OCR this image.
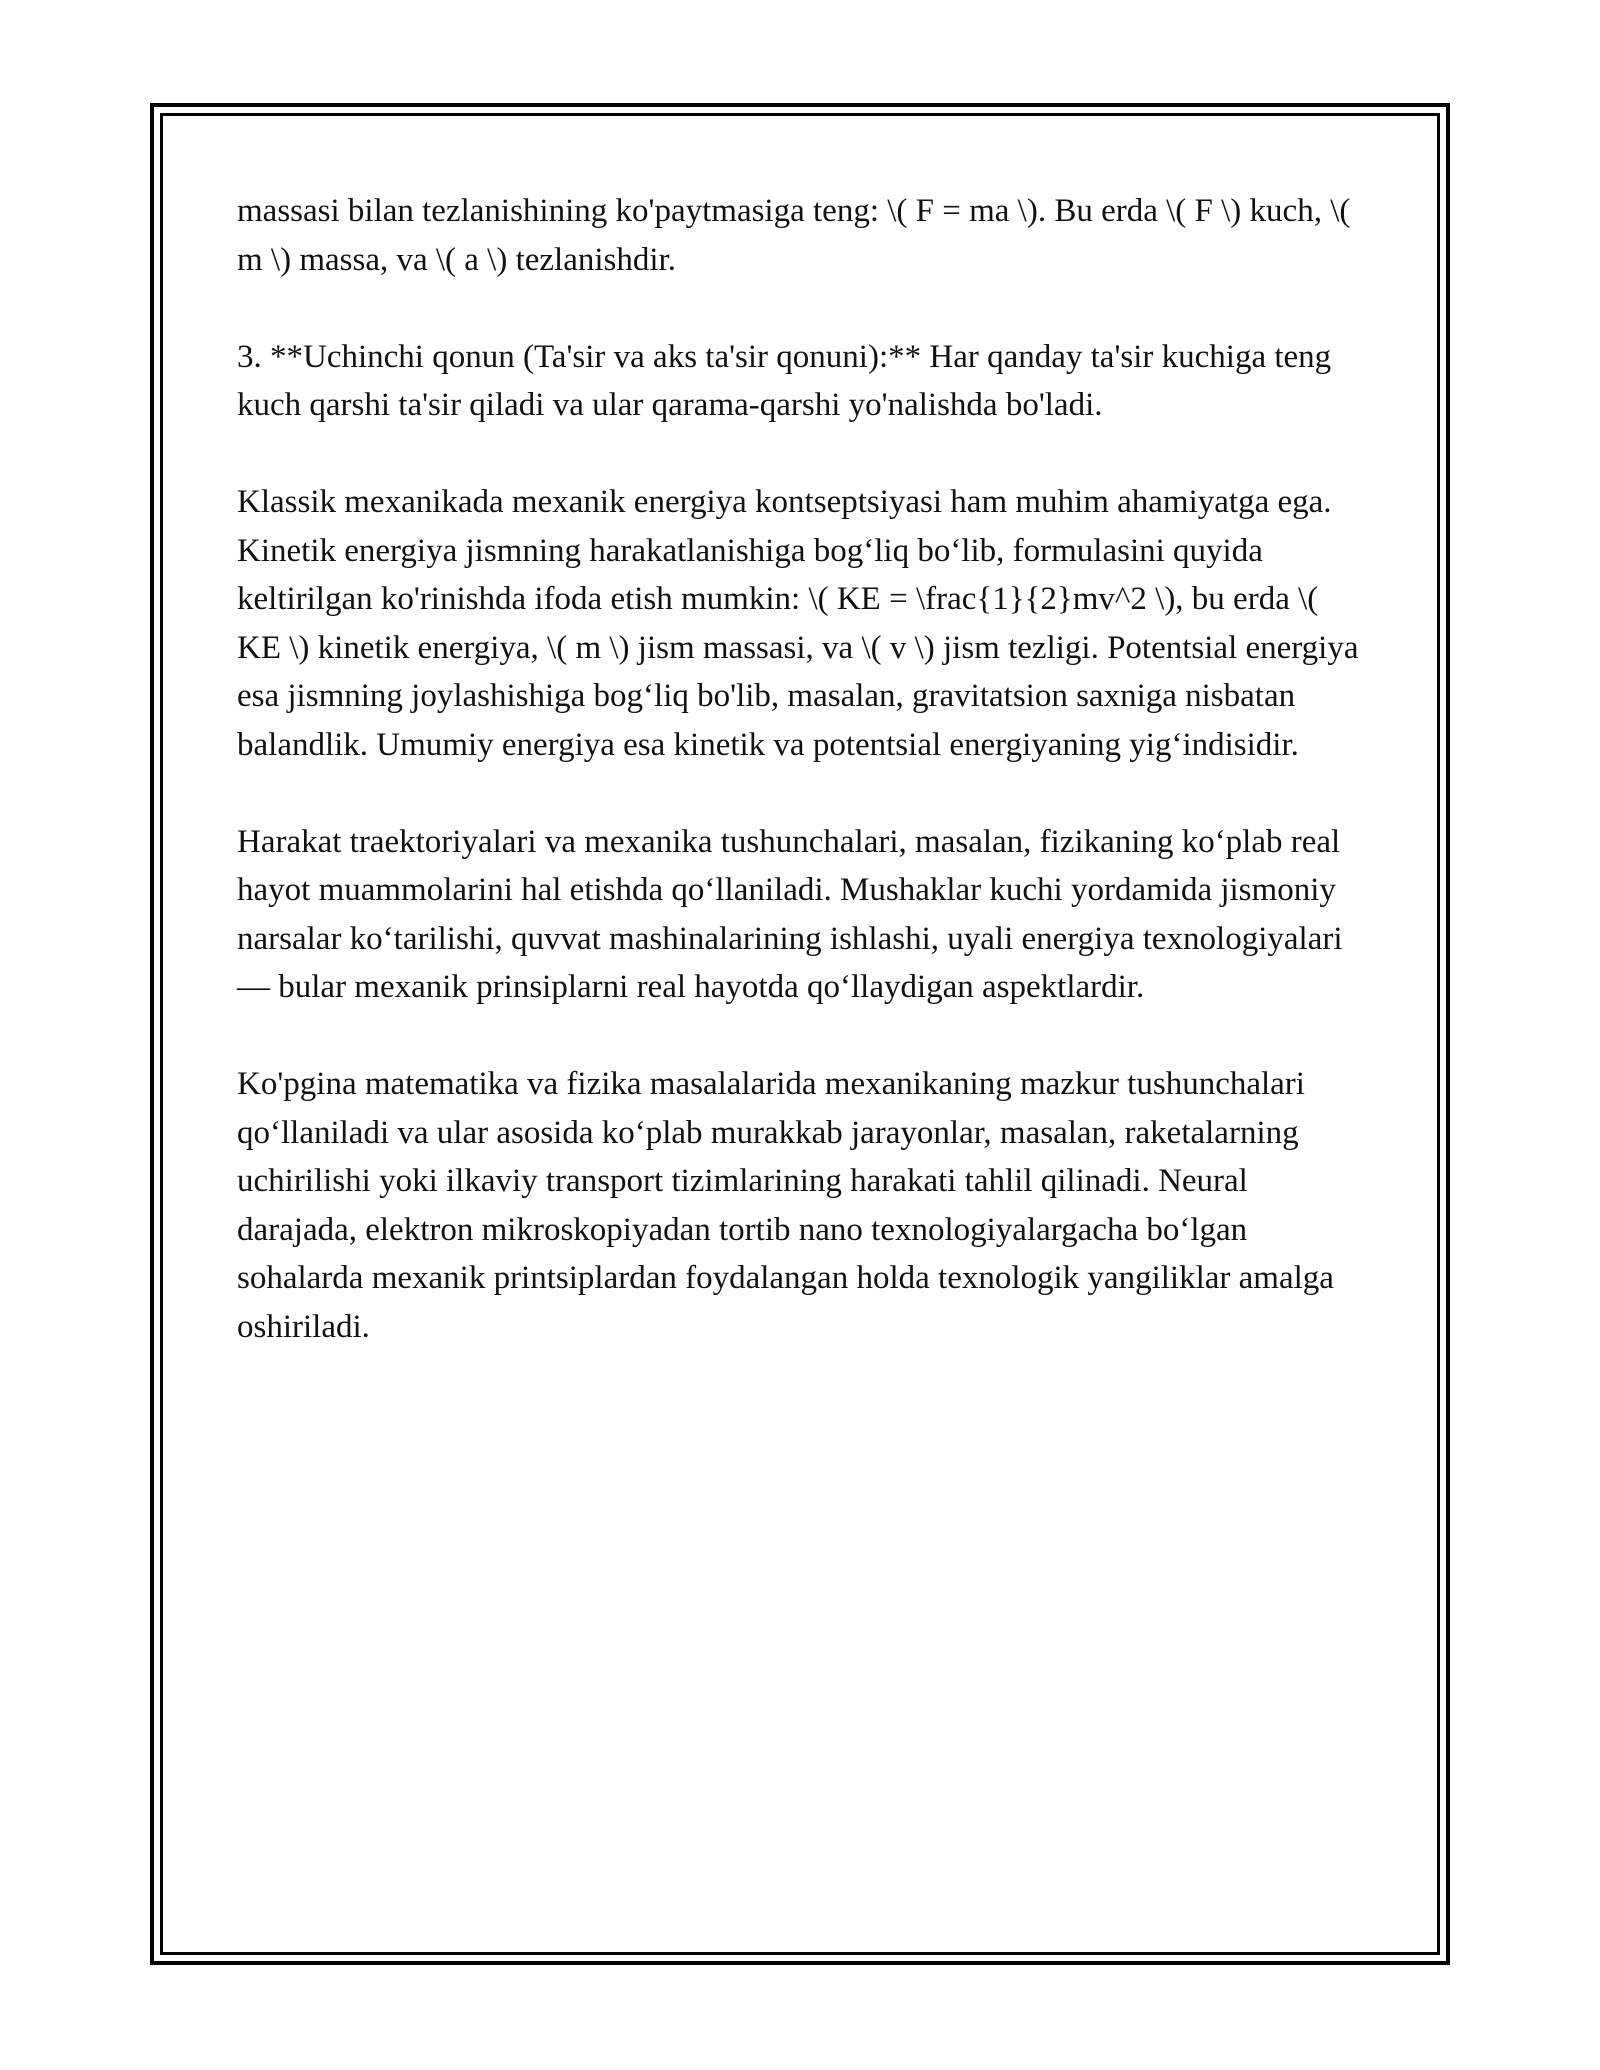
massasi bilan tezlanishining ko'paytmasiga teng: \( F = ma \). Bu erda \( F \) kuch, \( m \) massa, va \( a \) tezlanishdir.

3. **Uchinchi qonun (Ta'sir va aks ta'sir qonuni):** Har qanday ta'sir kuchiga teng kuch qarshi ta'sir qiladi va ular qarama-qarshi yo'nalishda bo'ladi.

Klassik mexanikada mexanik energiya kontseptsiyasi ham muhim ahamiyatga ega. Kinetik energiya jismning harakatlanishiga bog‘liq bo‘lib, formulasini quyida keltirilgan ko'rinishda ifoda etish mumkin: \( KE = \frac{1}{2}mv^2 \), bu erda \( KE \) kinetik energiya, \( m \) jism massasi, va \( v \) jism tezligi. Potentsial energiya esa jismning joylashishiga bog‘liq bo'lib, masalan, gravitatsion saxniga nisbatan balandlik. Umumiy energiya esa kinetik va potentsial energiyaning yig‘indisidir.

Harakat traektoriyalari va mexanika tushunchalari, masalan, fizikaning ko‘plab real hayot muammolarini hal etishda qo‘llaniladi. Mushaklar kuchi yordamida jismoniy narsalar ko‘tarilishi, quvvat mashinalarining ishlashi, uyali energiya texnologiyalari — bular mexanik prinsiplarni real hayotda qo‘llaydigan aspektlardir.

Ko'pgina matematika va fizika masalalarida mexanikaning mazkur tushunchalari qo‘llaniladi va ular asosida ko‘plab murakkab jarayonlar, masalan, raketalarning uchirilishi yoki ilkaviy transport tizimlarining harakati tahlil qilinadi. Neural darajada, elektron mikroskopiyadan tortib nano texnologiyalargacha bo‘lgan sohalarda mexanik printsiplardan foydalangan holda texnologik yangiliklar amalga oshiriladi.
